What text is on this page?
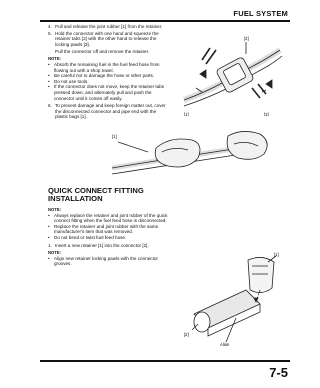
FUEL SYSTEM
4. Pull and release the joint rubber [1] from the retainer.
5. Hold the connector with one hand and squeeze the retainer tabs [2] with the other hand to release the locking pawls [3].
Pull the connector off and remove the retainer.
NOTE:
• Absorb the remaining fuel in the fuel feed hose from flowing out with a shop towel.
• Be careful not to damage the hose or other parts.
• Do not use tools.
• If the connector does not move, keep the retainer tabs pressed down, and alternately pull and push the connector until it comes off easily.
6. To prevent damage and keep foreign matter out, cover the disconnected connector and pipe end with the plastic bags [1].
[2]
[1]	[3]
[1]
QUICK CONNECT FITTING
INSTALLATION
NOTE:
• Always replace the retainer and joint rubber of the quick connect fitting when the fuel feed hose is disconnected.
• Replace the retainer and joint rubber with the same manufacturer's item that was removed.
• Do not bend or twist fuel feed hose.
1. Insert a new retainer [1] into the connector [2].
NOTE:
• Align new retainer locking pawls with the connector grooves.
[1]
[2]
Align
7-5
